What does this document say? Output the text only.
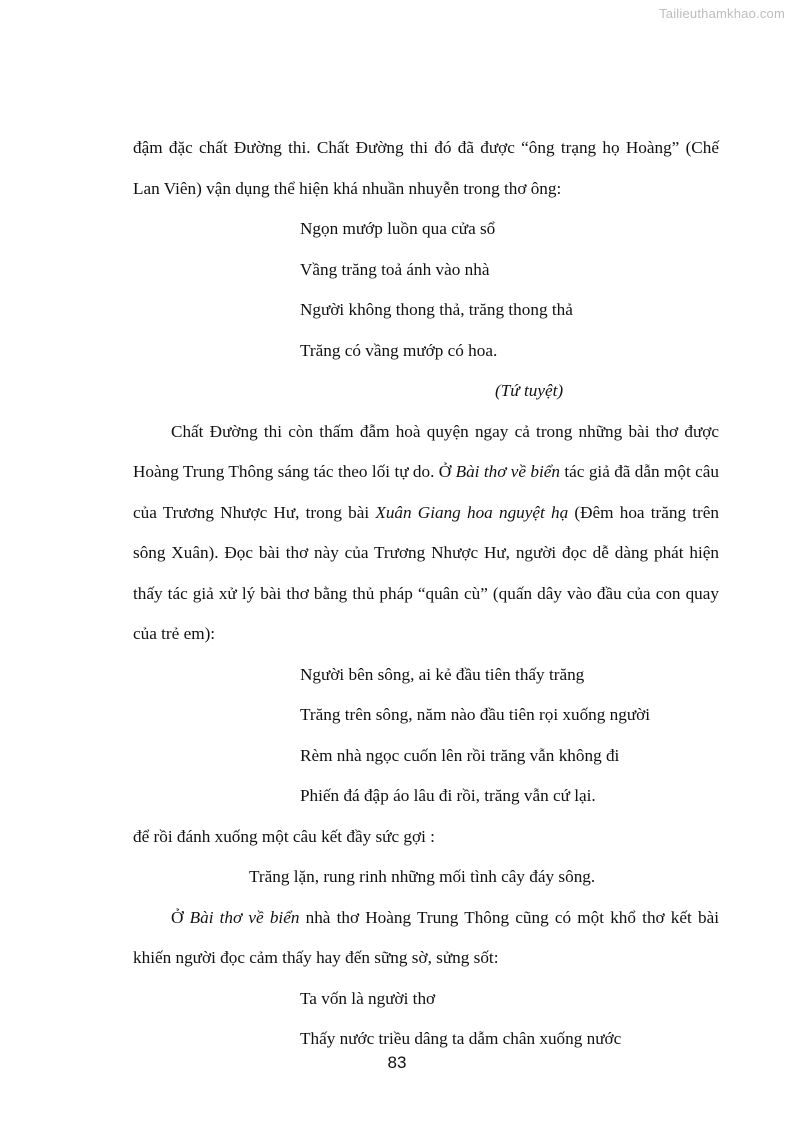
Tailieuthamkhao.com

đậm đặc chất Đường thi. Chất Đường thi đó đã được “ông trạng họ Hoàng” (Chế Lan Viên) vận dụng thể hiện khá nhuần nhuyễn trong thơ ông:

Ngọn mướp luồn qua cửa sổ

Vầng trăng toả ánh vào nhà

Người không thong thả, trăng thong thả

Trăng có vầng mướp có hoa.

(Tứ tuyệt)

Chất Đường thi còn thấm đẫm hoà quyện ngay cả trong những bài thơ được Hoàng Trung Thông sáng tác theo lối tự do. Ở Bài thơ về biển tác giả đã dẫn một câu của Trương Nhược Hư, trong bài Xuân Giang hoa nguyệt hạ (Đêm hoa trăng trên sông Xuân). Đọc bài thơ này của Trương Nhược Hư, người đọc dễ dàng phát hiện thấy tác giả xử lý bài thơ bằng thủ pháp “quân cù” (quấn dây vào đầu của con quay của trẻ em):

Người bên sông, ai kẻ đầu tiên thấy trăng

Trăng trên sông, năm nào đầu tiên rọi xuống người

Rèm nhà ngọc cuốn lên rồi trăng vẫn không đi

Phiến đá đập áo lâu đi rồi, trăng vẫn cứ lại.

để rồi đánh xuống một câu kết đầy sức gợi :

Trăng lặn, rung rinh những mối tình cây đáy sông.

Ở Bài thơ về biển nhà thơ Hoàng Trung Thông cũng có một khổ thơ kết bài khiến người đọc cảm thấy hay đến sững sờ, sửng sốt:

Ta vốn là người thơ

Thấy nước triều dâng ta dẫm chân xuống nước

83
